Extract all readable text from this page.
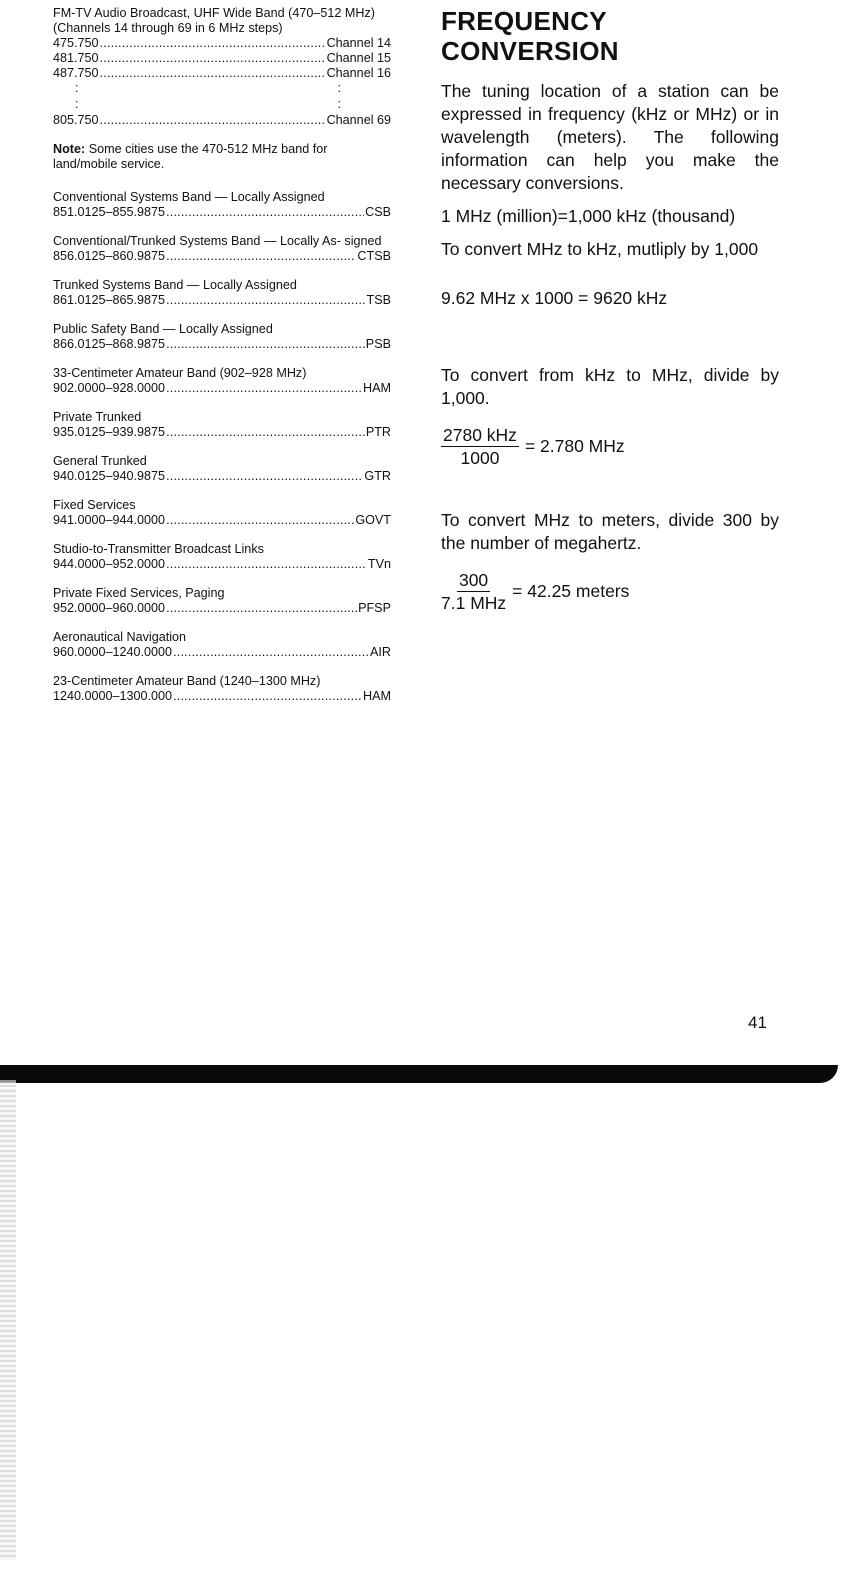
FM-TV Audio Broadcast, UHF Wide Band (470–512 MHz)
(Channels 14 through 69 in 6 MHz steps)
475.750 .....	Channel 14
481.750 .....	Channel 15
487.750 .....	Channel 16
:	:
:	:
805.750 .....	Channel 69
Note: Some cities use the 470-512 MHz band for land/mobile service.
Conventional Systems Band — Locally Assigned
851.0125–855.9875 .....	CSB
Conventional/Trunked Systems Band — Locally As- signed
856.0125–860.9875 .....	CTSB
Trunked Systems Band — Locally Assigned
861.0125–865.9875 .....	TSB
Public Safety Band — Locally Assigned
866.0125–868.9875 .....	PSB
33-Centimeter Amateur Band (902–928 MHz)
902.0000–928.0000 .....	HAM
Private Trunked
935.0125–939.9875 .....	PTR
General Trunked
940.0125–940.9875 .....	GTR
Fixed Services
941.0000–944.0000 .....	GOVT
Studio-to-Transmitter Broadcast Links
944.0000–952.0000 .....	TVn
Private Fixed Services, Paging
952.0000–960.0000 .....	PFSP
Aeronautical Navigation
960.0000–1240.0000 .....	AIR
23-Centimeter Amateur Band (1240–1300 MHz)
1240.0000–1300.000 .....	HAM
FREQUENCY
CONVERSION

The tuning location of a station can be expressed in frequency (kHz or MHz) or in wavelength (meters). The following information can help you make the necessary conversions.

1 MHz (million)=1,000 kHz (thousand)

To convert MHz to kHz, mutliply by 1,000

9.62 MHz x 1000 = 9620 kHz

To convert from kHz to MHz, divide by 1,000.

$\frac{\text{2780 kHz}}{1000} = 2.780$ MHz

To convert MHz to meters, divide 300 by the number of megahertz.

$\frac{300}{\text{7.1 MHz}} = 42.25$ meters
41
